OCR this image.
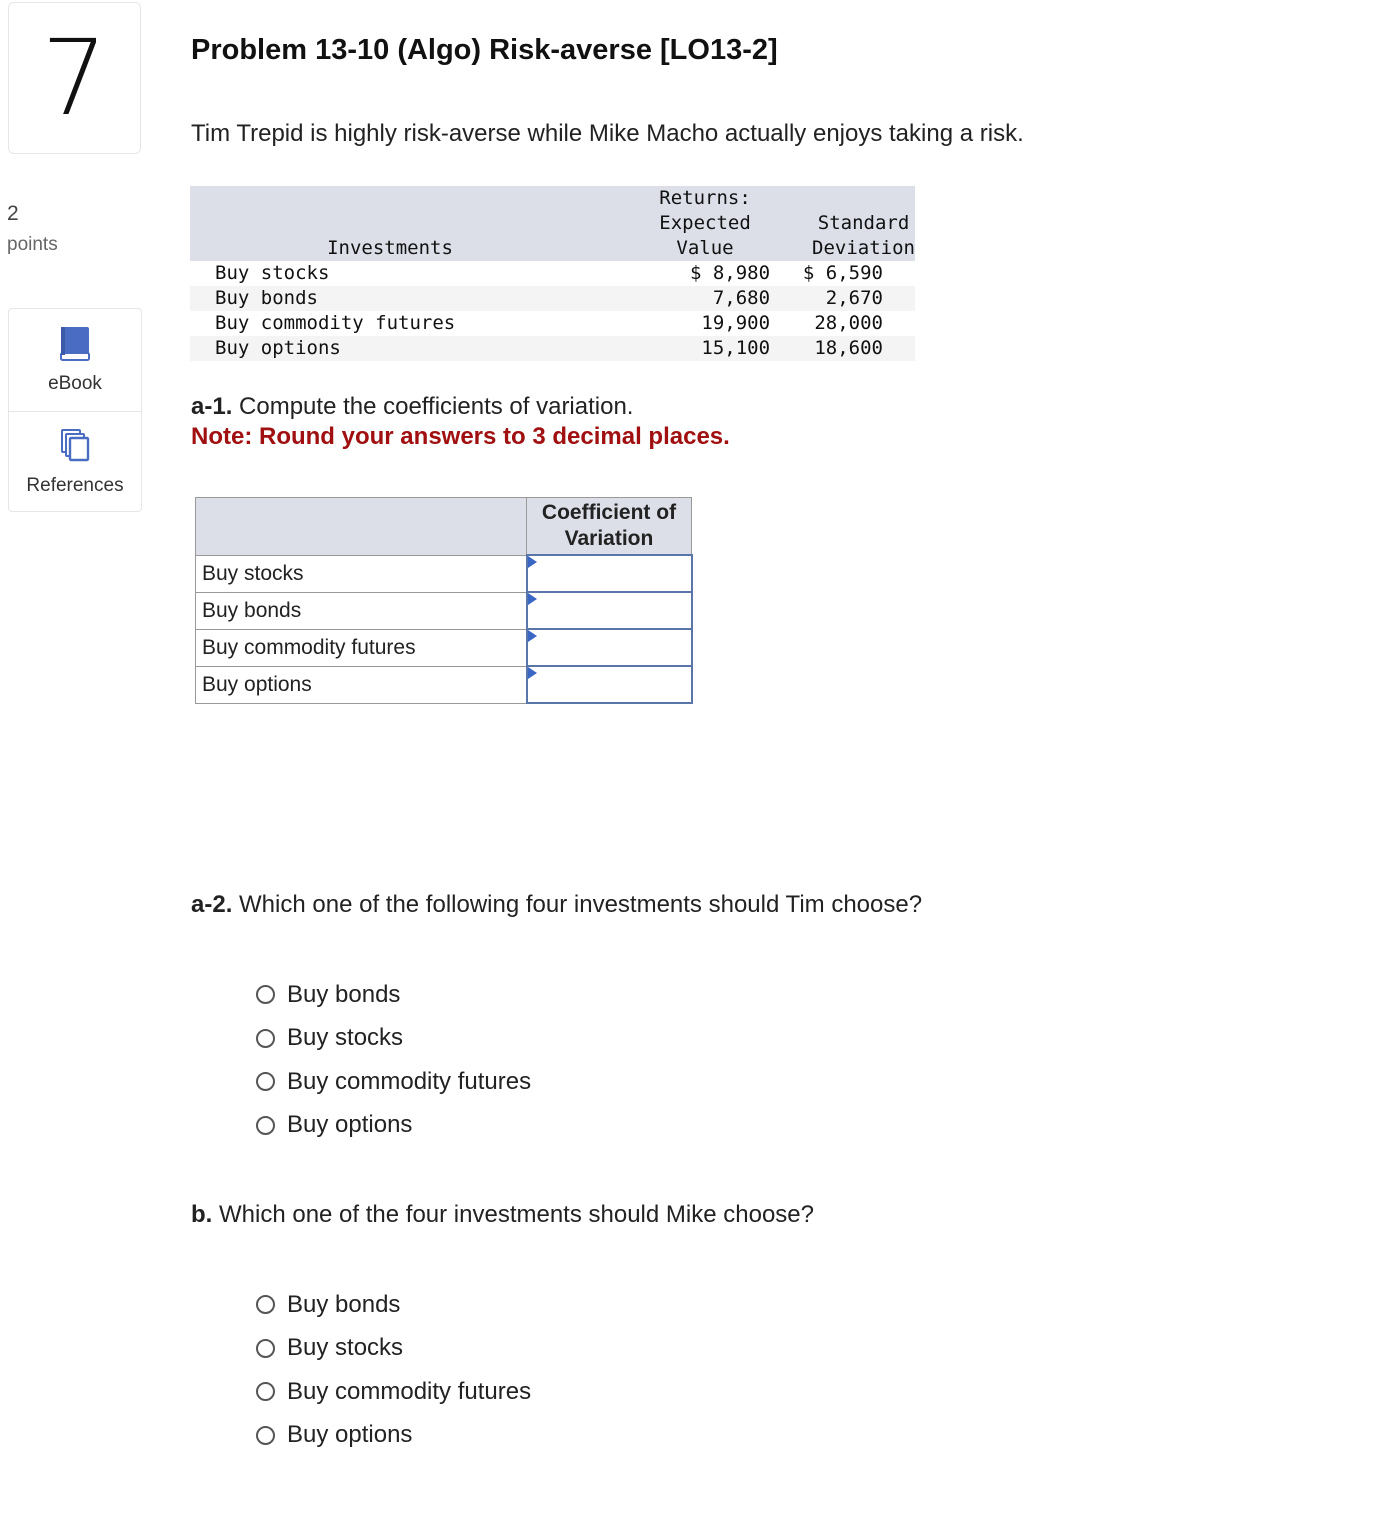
7
2
points
eBook
References
Problem 13-10 (Algo) Risk-averse [LO13-2]
Tim Trepid is highly risk-averse while Mike Macho actually enjoys taking a risk.
	Returns:	
	Expected	Standard
Investments	Value	Deviation
Buy stocks	$ 8,980	$ 6,590
Buy bonds	7,680	2,670
Buy commodity futures	19,900	28,000
Buy options	15,100	18,600
a-1. Compute the coefficients of variation.
Note: Round your answers to 3 decimal places.

	Coefficient of
Variation

Buy stocks	

Buy bonds	

Buy commodity futures	

Buy options	
a-2. Which one of the following four investments should Tim choose?
Buy bonds
Buy stocks
Buy commodity futures
Buy options
b. Which one of the four investments should Mike choose?
Buy bonds
Buy stocks
Buy commodity futures
Buy options
